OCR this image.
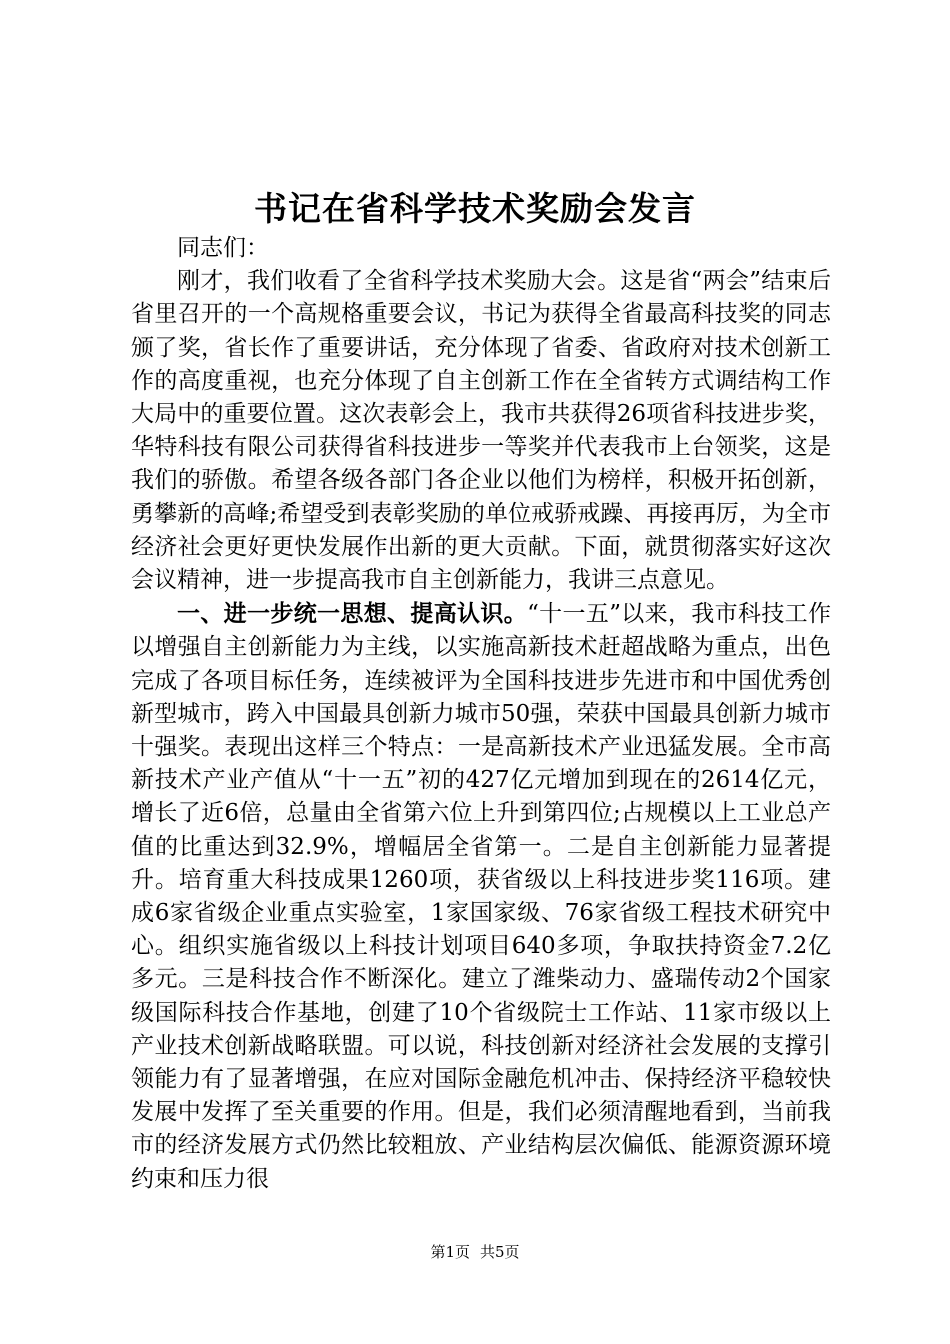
书记在省科学技术奖励会发言

同志们：

刚才，我们收看了全省科学技术奖励大会。这是省“两会”结束后省里召开的一个高规格重要会议，书记为获得全省最高科技奖的同志颁了奖，省长作了重要讲话，充分体现了省委、省政府对技术创新工作的高度重视，也充分体现了自主创新工作在全省转方式调结构工作大局中的重要位置。这次表彰会上，我市共获得26项省科技进步奖，华特科技有限公司获得省科技进步一等奖并代表我市上台领奖，这是我们的骄傲。希望各级各部门各企业以他们为榜样，积极开拓创新，勇攀新的高峰;希望受到表彰奖励的单位戒骄戒躁、再接再厉，为全市经济社会更好更快发展作出新的更大贡献。下面，就贯彻落实好这次会议精神，进一步提高我市自主创新能力，我讲三点意见。

一、进一步统一思想、提高认识。“十一五”以来，我市科技工作以增强自主创新能力为主线，以实施高新技术赶超战略为重点，出色完成了各项目标任务，连续被评为全国科技进步先进市和中国优秀创新型城市，跨入中国最具创新力城市50强，荣获中国最具创新力城市十强奖。表现出这样三个特点：一是高新技术产业迅猛发展。全市高新技术产业产值从“十一五”初的427亿元增加到现在的2614亿元，增长了近6倍，总量由全省第六位上升到第四位;占规模以上工业总产值的比重达到32.9%，增幅居全省第一。二是自主创新能力显著提升。培育重大科技成果1260项，获省级以上科技进步奖116项。建成6家省级企业重点实验室，1家国家级、76家省级工程技术研究中心。组织实施省级以上科技计划项目640多项，争取扶持资金7.2亿多元。三是科技合作不断深化。建立了潍柴动力、盛瑞传动2个国家级国际科技合作基地，创建了10个省级院士工作站、11家市级以上产业技术创新战略联盟。可以说，科技创新对经济社会发展的支撑引领能力有了显著增强，在应对国际金融危机冲击、保持经济平稳较快发展中发挥了至关重要的作用。但是，我们必须清醒地看到，当前我市的经济发展方式仍然比较粗放、产业结构层次偏低、能源资源环境约束和压力很

第1页 共5页
